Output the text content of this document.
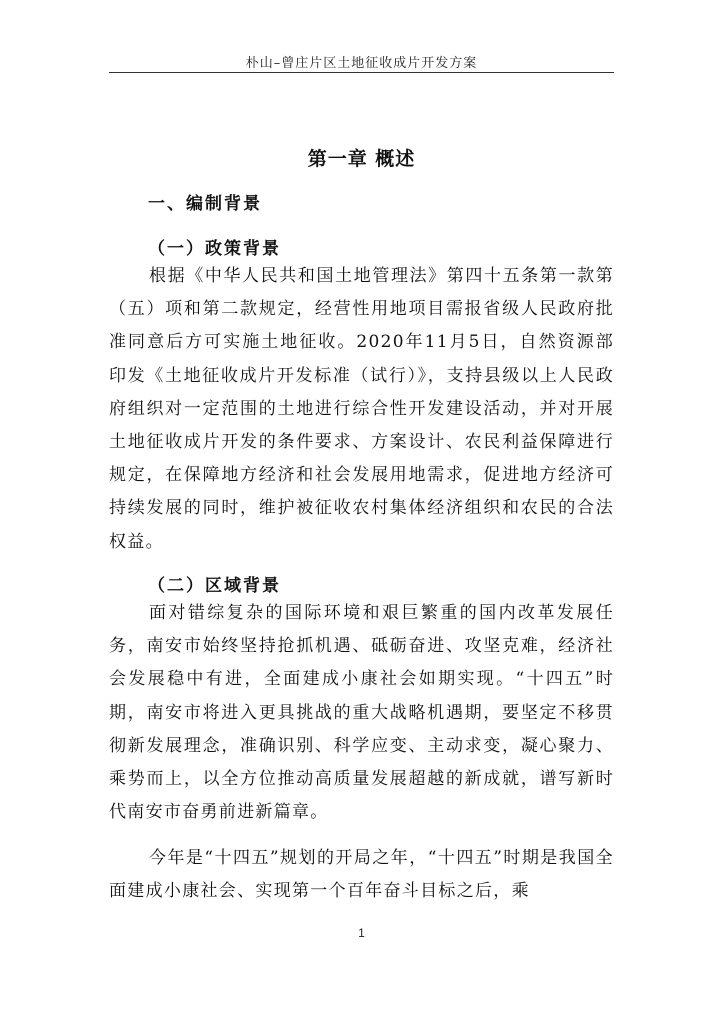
朴山–曾庄片区土地征收成片开发方案
第一章 概述
一、编制背景
（一）政策背景

根据《中华人民共和国土地管理法》第四十五条第一款第（五）项和第二款规定，经营性用地项目需报省级人民政府批准同意后方可实施土地征收。2020年11月5日，自然资源部印发《土地征收成片开发标准（试行）》，支持县级以上人民政府组织对一定范围的土地进行综合性开发建设活动，并对开展土地征收成片开发的条件要求、方案设计、农民利益保障进行规定，在保障地方经济和社会发展用地需求，促进地方经济可持续发展的同时，维护被征收农村集体经济组织和农民的合法权益。

（二）区域背景

面对错综复杂的国际环境和艰巨繁重的国内改革发展任务，南安市始终坚持抢抓机遇、砥砺奋进、攻坚克难，经济社会发展稳中有进，全面建成小康社会如期实现。“十四五”时期，南安市将进入更具挑战的重大战略机遇期，要坚定不移贯彻新发展理念，准确识别、科学应变、主动求变，凝心聚力、乘势而上，以全方位推动高质量发展超越的新成就，谱写新时代南安市奋勇前进新篇章。

今年是“十四五”规划的开局之年，“十四五”时期是我国全面建成小康社会、实现第一个百年奋斗目标之后，乘

1
